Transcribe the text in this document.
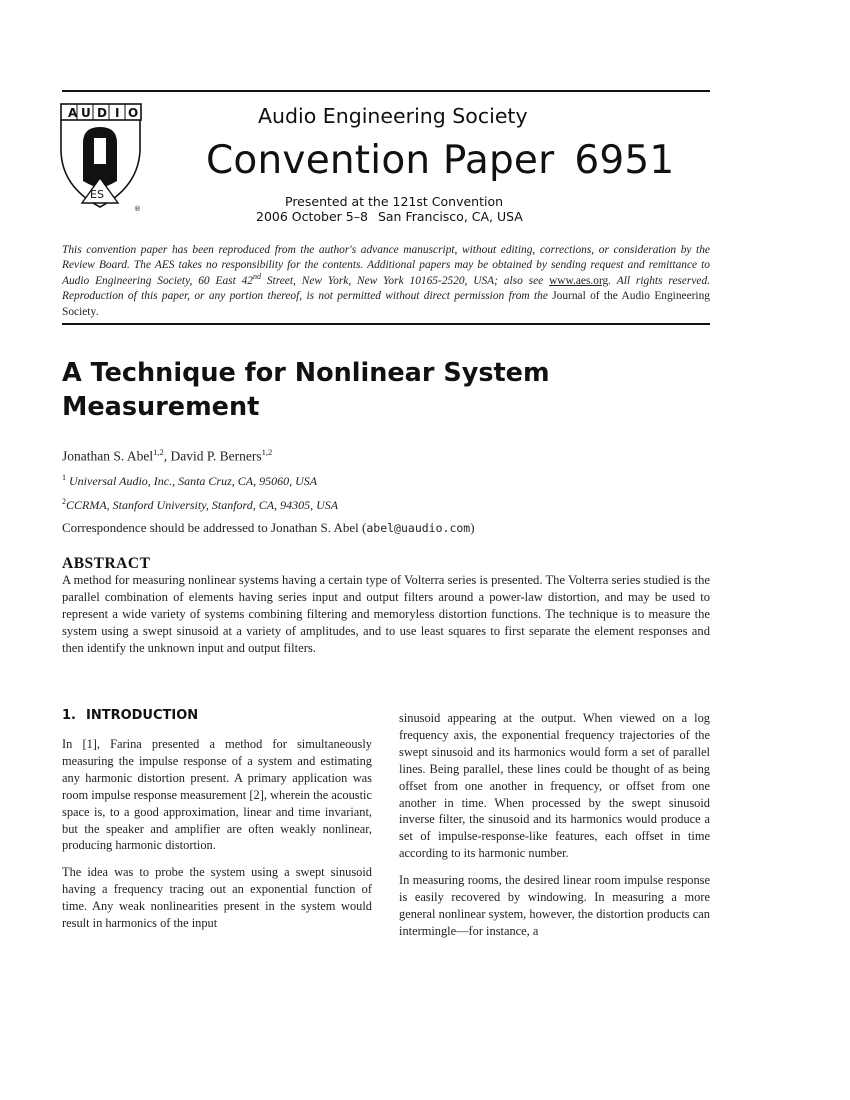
A U D I O
ES
®
Audio Engineering Society
Convention Paper 6951
Presented at the 121st Convention
2006 October 5–8 San Francisco, CA, USA
This convention paper has been reproduced from the author's advance manuscript, without editing, corrections, or consideration by the Review Board. The AES takes no responsibility for the contents. Additional papers may be obtained by sending request and remittance to Audio Engineering Society, 60 East 42nd Street, New York, New York 10165-2520, USA; also see www.aes.org. All rights reserved. Reproduction of this paper, or any portion thereof, is not permitted without direct permission from the Journal of the Audio Engineering Society.
A Technique for Nonlinear System
Measurement
Jonathan S. Abel$^{1,2}$, David P. Berners$^{1,2}$
$^1$ Universal Audio, Inc., Santa Cruz, CA, 95060, USA
$^2$CCRMA, Stanford University, Stanford, CA, 94305, USA
Correspondence should be addressed to Jonathan S. Abel (abel@uaudio.com)
ABSTRACT
A method for measuring nonlinear systems having a certain type of Volterra series is presented. The Volterra series studied is the parallel combination of elements having series input and output filters around a power-law distortion, and may be used to represent a wide variety of systems combining filtering and memoryless distortion functions. The technique is to measure the system using a swept sinusoid at a variety of amplitudes, and to use least squares to first separate the element responses and then identify the unknown input and output filters.
1. INTRODUCTION

In [1], Farina presented a method for simultaneously measuring the impulse response of a system and estimating any harmonic distortion present. A primary application was room impulse response measurement [2], wherein the acoustic space is, to a good approximation, linear and time invariant, but the speaker and amplifier are often weakly nonlinear, producing harmonic distortion.

The idea was to probe the system using a swept sinusoid having a frequency tracing out an exponential function of time. Any weak nonlinearities present in the system would result in harmonics of the input

sinusoid appearing at the output. When viewed on a log frequency axis, the exponential frequency trajectories of the swept sinusoid and its harmonics would form a set of parallel lines. Being parallel, these lines could be thought of as being offset from one another in frequency, or offset from one another in time. When processed by the swept sinusoid inverse filter, the sinusoid and its harmonics would produce a set of impulse-response-like features, each offset in time according to its harmonic number.

In measuring rooms, the desired linear room impulse response is easily recovered by windowing. In measuring a more general nonlinear system, however, the distortion products can intermingle—for instance, a
